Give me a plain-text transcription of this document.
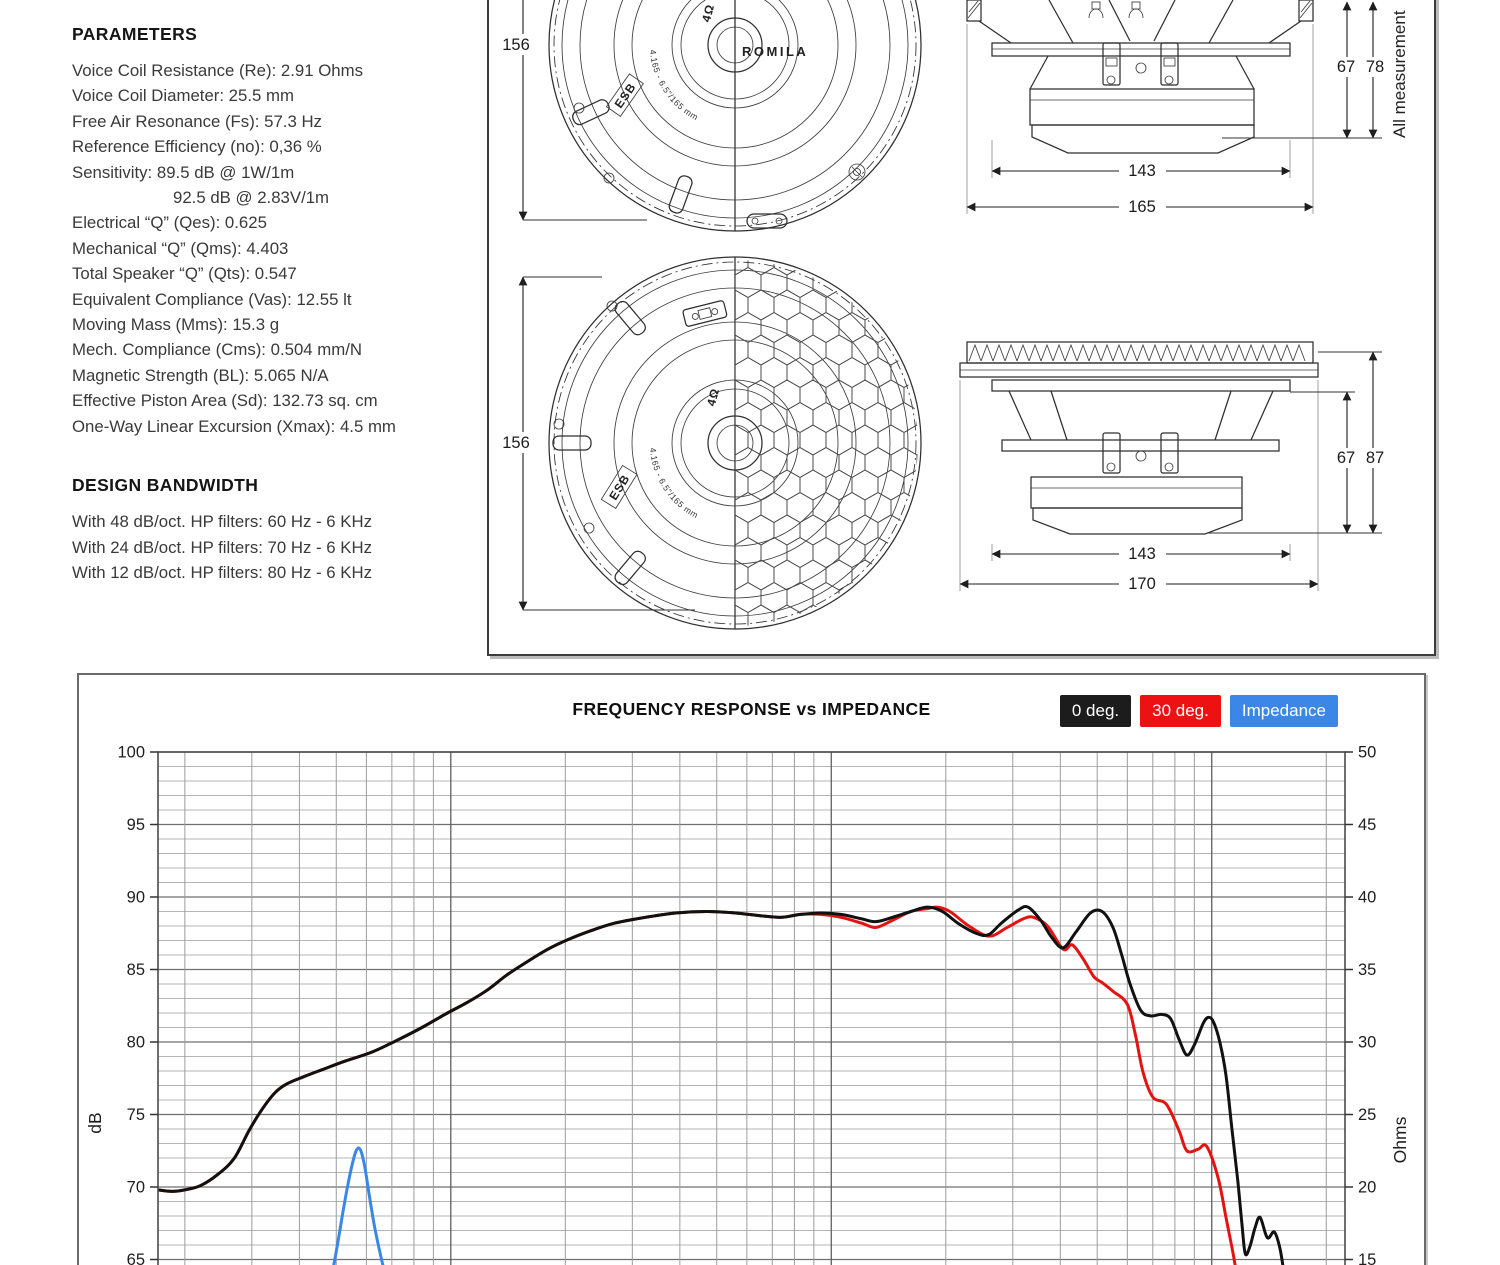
PARAMETERS
Voice Coil Resistance (Re): 2.91 Ohms
Voice Coil Diameter: 25.5 mm
Free Air Resonance (Fs): 57.3 Hz
Reference Efficiency (no): 0,36 %
Sensitivity: 89.5 dB @ 1W/1m
92.5 dB @ 2.83V/1m
Electrical “Q” (Qes): 0.625
Mechanical “Q” (Qms): 4.403
Total Speaker “Q” (Qts): 0.547
Equivalent Compliance (Vas): 12.55 lt
Moving Mass (Mms): 15.3 g
Mech. Compliance (Cms): 0.504 mm/N
Magnetic Strength (BL): 5.065 N/A
Effective Piston Area (Sd): 132.73 sq. cm
One-Way Linear Excursion (Xmax): 4.5 mm
DESIGN BANDWIDTH
With 48 dB/oct. HP filters: 60 Hz - 6 KHz
With 24 dB/oct. HP filters: 70 Hz - 6 KHz
With 12 dB/oct. HP filters: 80 Hz - 6 KHz
ROMILA
4Ω
4.165 - 6.5"/165 mm
ESB
156
143
165
67 78
ESB
4Ω
4.165 - 6.5"/165 mm
156
143
170
67 87
All measurement
FREQUENCY RESPONSE vs IMPEDANCE	0 deg.	30 deg.	Impedance
100
95
90
85
80
75
70
65
50
45
40
35
30
25
20
15
dB	Ohms
